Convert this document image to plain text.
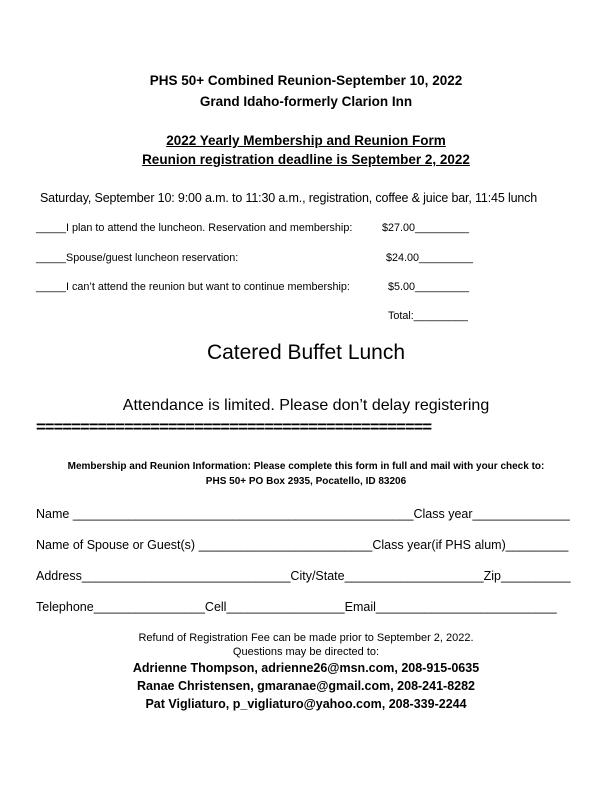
PHS 50+ Combined Reunion-September 10, 2022
Grand Idaho-formerly Clarion Inn
2022 Yearly Membership and Reunion Form
Reunion registration deadline is September 2, 2022
Saturday, September 10: 9:00 a.m. to 11:30 a.m., registration, coffee & juice bar, 11:45 lunch
_____I plan to attend the luncheon. Reservation and membership:	$27.00_________
_____Spouse/guest luncheon reservation:	$24.00_________
_____I can’t attend the reunion but want to continue membership:	$5.00_________
Total:_________
Catered Buffet Lunch
Attendance is limited. Please don’t delay registering
=============================================
Membership and Reunion Information: Please complete this form in full and mail with your check to:
PHS 50+ PO Box 2935, Pocatello, ID 83206
Name _________________________________________________Class year______________
Name of Spouse or Guest(s) _________________________Class year(if PHS alum)_________
Address______________________________City/State____________________Zip__________
Telephone________________Cell_________________Email__________________________
Refund of Registration Fee can be made prior to September 2, 2022.
Questions may be directed to:
Adrienne Thompson, adrienne26@msn.com, 208-915-0635
Ranae Christensen, gmaranae@gmail.com, 208-241-8282
Pat Vigliaturo, p_vigliaturo@yahoo.com, 208-339-2244
